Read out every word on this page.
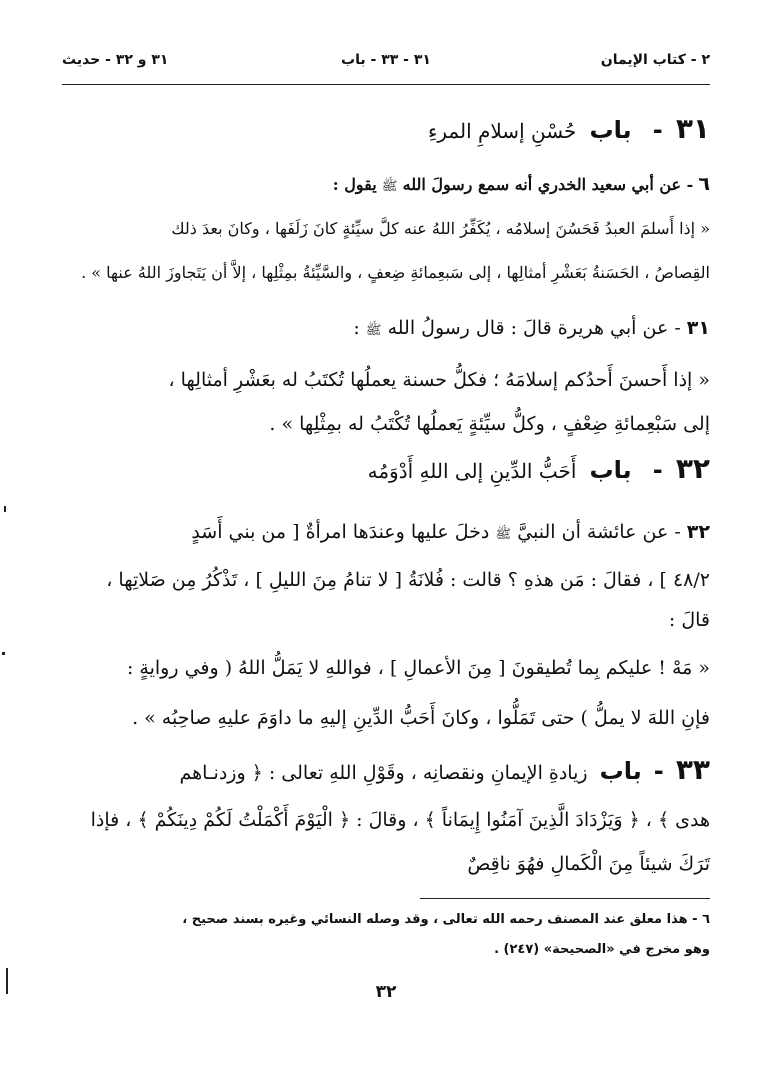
٢ - كتاب الإيمان
٣١ - ٣٣ - باب
٣١ و ٣٢ - حديث
٣١ - باب حُسْنِ إسلامِ المرءِ
٦ - عن أبي سعيد الخدري أنه سمع رسولَ الله ﷺ يقول :
« إذا أَسلمَ العبدُ فَحَسُنَ إسلامُه ، يُكَفِّرُ اللهُ عنه كلَّ سيِّئةٍ كانَ زَلَفَها ، وكانَ بعدَ ذلك
القِصاصُ ، الحَسَنةُ بَعَشْرِ أمثالِها ، إلى سَبعِمائةِ ضِعفٍ ، والسَّيِّئةُ بمِثْلِها ، إلاَّ أن يَتَجاوزَ اللهُ عنها » .
٣١ - عن أبي هريرة قالَ : قال رسولُ الله ﷺ :
« إذا أَحسنَ أَحدُكم إسلامَهُ ؛ فكلُّ حسنة يعملُها تُكتَبُ له بعَشْرِ أمثالِها ،
إلى سَبْعِمائةِ ضِعْفٍ ، وكلُّ سيِّئةٍ يَعملُها تُكْتَبُ له بمِثْلِها » .
٣٢ - باب أَحَبُّ الدِّينِ إلى اللهِ أَدْوَمُه
٣٢ - عن عائشة أن النبيَّ ﷺ دخلَ عليها وعندَها امرأةٌ [ من بني أَسَدٍ
٤٨/٢ ] ، فقالَ : مَن هذهِ ؟ قالت : فُلانَةُ [ لا تنامُ مِنَ الليلِ ] ، تَذْكُرُ مِن صَلاتِها ،
قالَ :
« مَهْ ! عليكم بِما تُطيقونَ [ مِنَ الأعمالِ ] ، فواللهِ لا يَمَلُّ اللهُ ( وفي روايةٍ :
فإنِ اللهَ لا يملُّ ) حتى تَمَلُّوا ، وكانَ أَحَبُّ الدِّينِ إليهِ ما داوَمَ عليهِ صاحِبُه » .
٣٣ - باب زيادةِ الإيمانِ ونقصانِه ، وقَوْلِ اللهِ تعالى : ﴿ وزدنـاهم
هدى ﴾ ، ﴿ وَيَزْدَادَ الَّذِينَ آمَنُوا إِيمَاناً ﴾ ، وقالَ : ﴿ الْيَوْمَ أَكْمَلْتُ لَكُمْ دِينَكُمْ ﴾ ، فإذا
تَرَكَ شيئاً مِنَ الْكَمالِ فهُوَ ناقِصٌ
٦ - هذا معلق عند المصنف رحمه الله تعالى ، وقد وصله النسائي وغيره بسند صحيح ،
وهو مخرج في «الصحيحة» (٢٤٧) .
٣٢
